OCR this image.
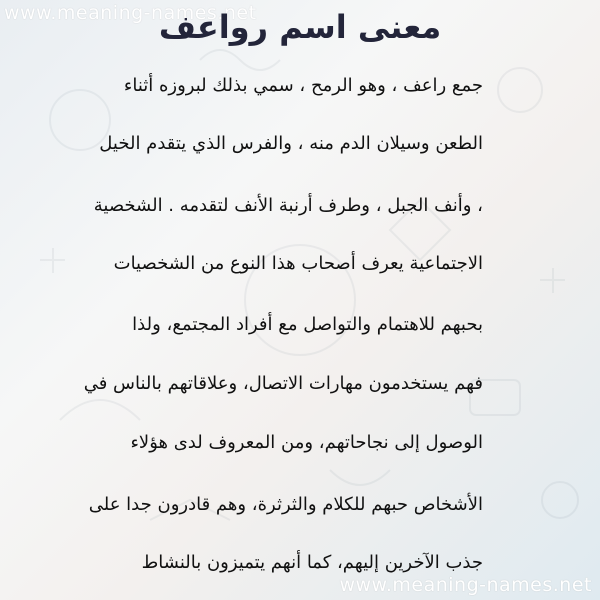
www.meaning-names.net
معنى اسم رواعف
جمع راعف ، وهو الرمح ، سمي بذلك لبروزه أثناء
الطعن وسيلان الدم منه ، والفرس الذي يتقدم الخيل
، وأنف الجبل ، وطرف أرنبة الأنف لتقدمه . الشخصية
الاجتماعية يعرف أصحاب هذا النوع من الشخصيات
بحبهم للاهتمام والتواصل مع أفراد المجتمع، ولذا
فهم يستخدمون مهارات الاتصال، وعلاقاتهم بالناس في
الوصول إلى نجاحاتهم، ومن المعروف لدى هؤلاء
الأشخاص حبهم للكلام والثرثرة، وهم قادرون جدا على
جذب الآخرين إليهم، كما أنهم يتميزون بالنشاط
www.meaning-names.net
